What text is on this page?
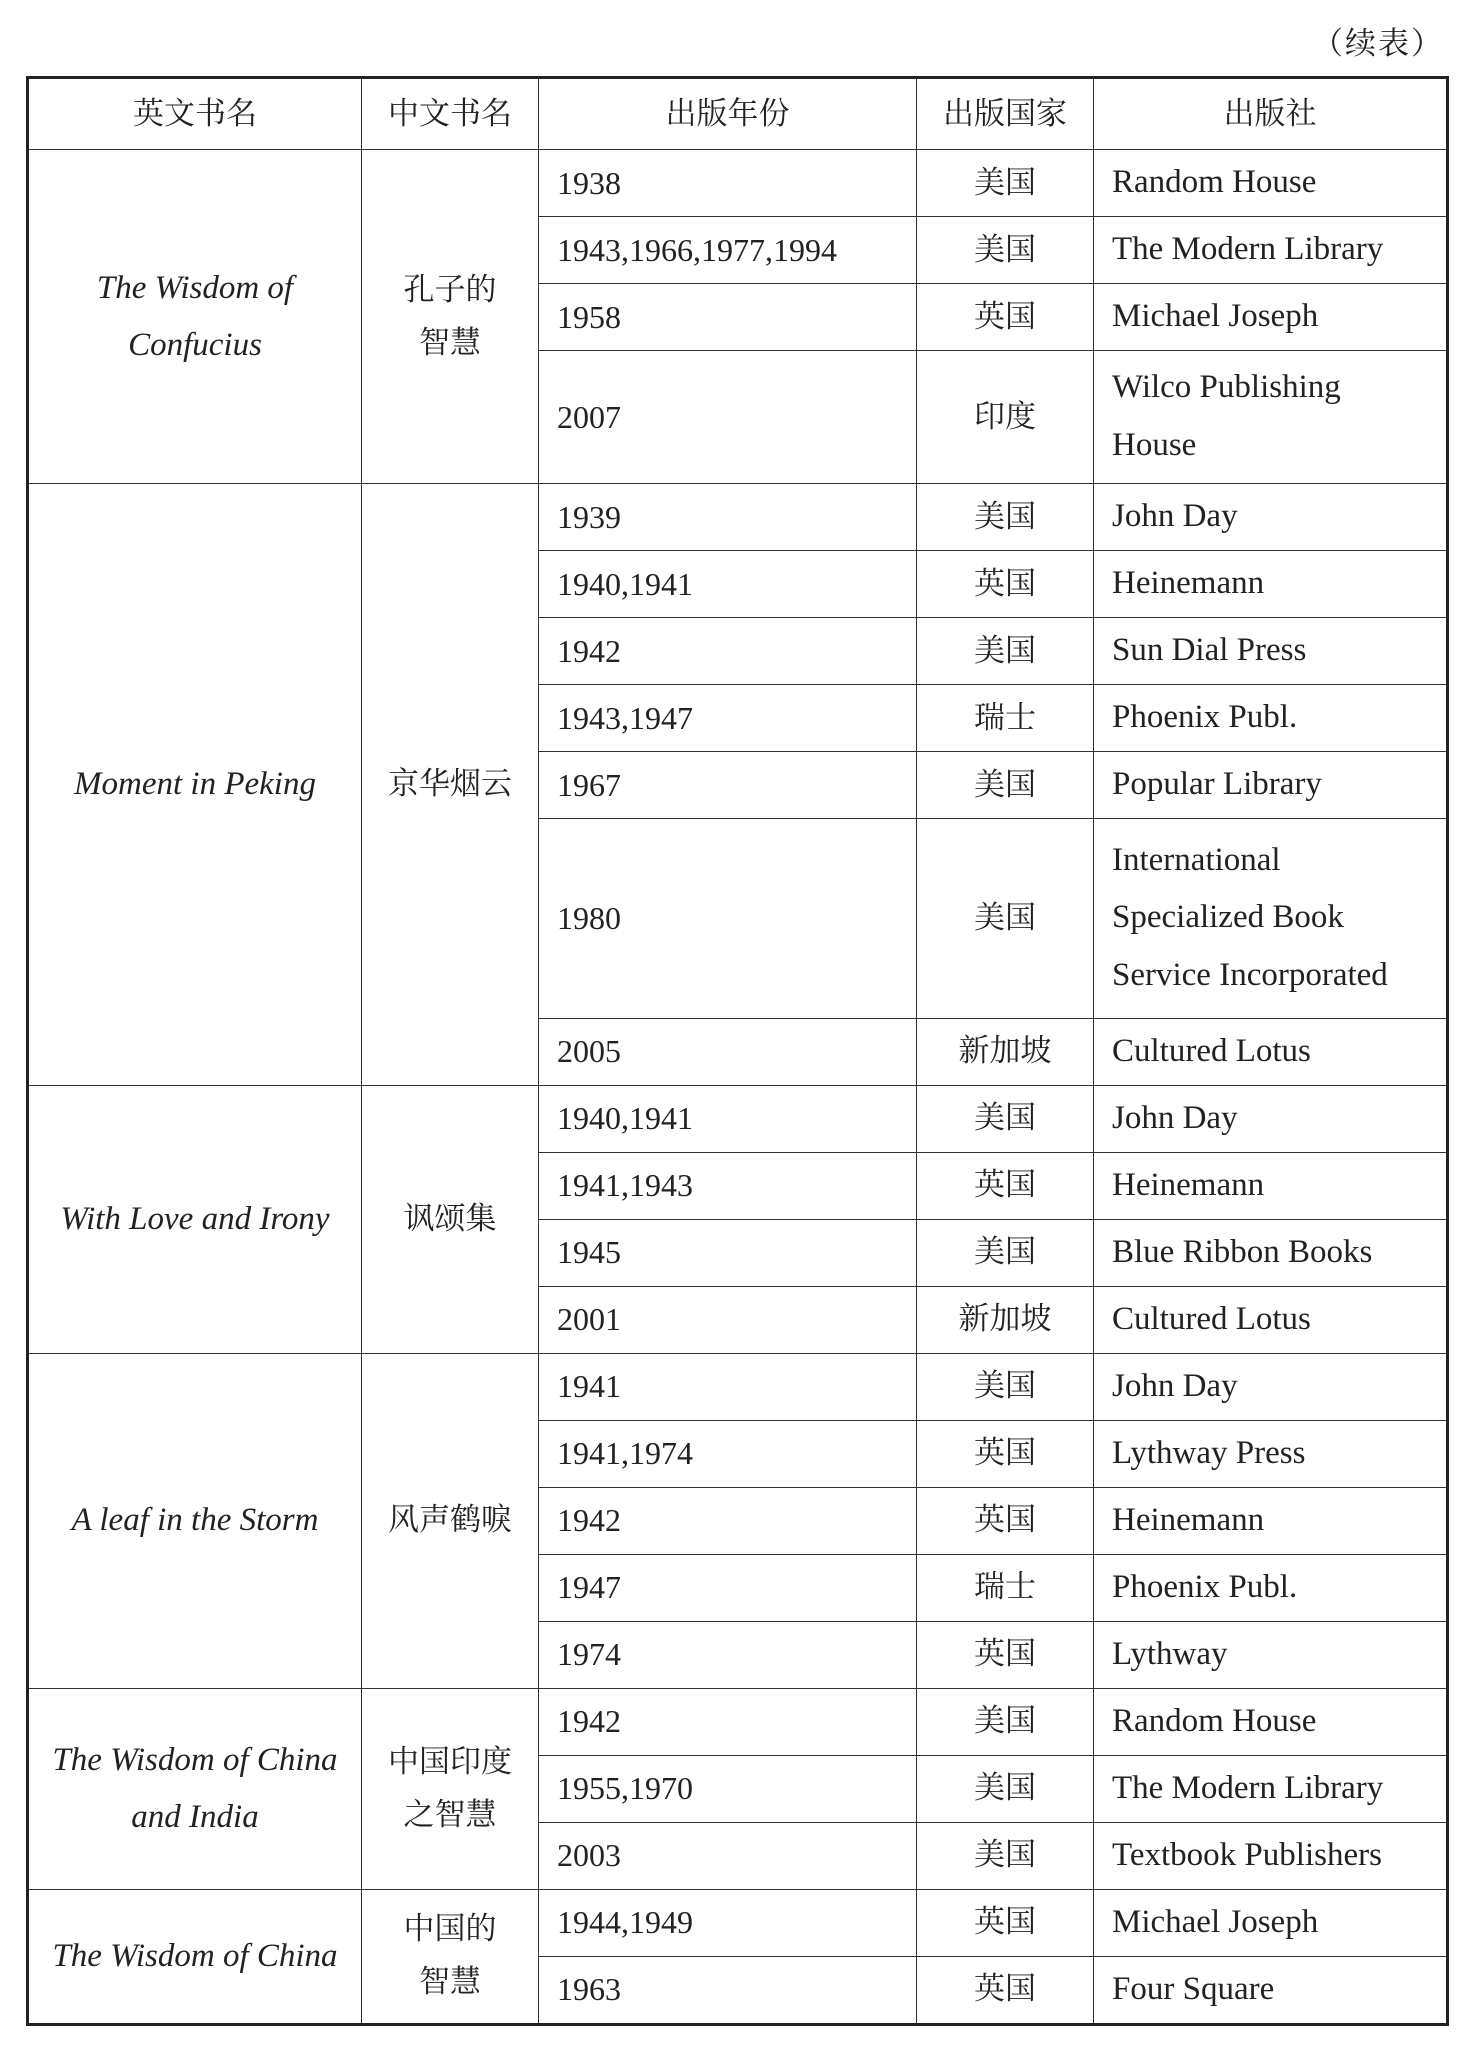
（续表）
英文书名	中文书名	出版年份	出版国家	出版社
The Wisdom of Confucius	孔子的智慧	1938	美国	Random House
		1943,1966,1977,1994	美国	The Modern Library
		1958	英国	Michael Joseph
		2007	印度	Wilco Publishing House
Moment in Peking	京华烟云	1939	美国	John Day
		1940,1941	英国	Heinemann
		1942	美国	Sun Dial Press
		1943,1947	瑞士	Phoenix Publ.
		1967	美国	Popular Library
		1980	美国	International Specialized Book Service Incorporated
		2005	新加坡	Cultured Lotus
With Love and Irony	讽颂集	1940,1941	美国	John Day
		1941,1943	英国	Heinemann
		1945	美国	Blue Ribbon Books
		2001	新加坡	Cultured Lotus
A leaf in the Storm	风声鹤唳	1941	美国	John Day
		1941,1974	英国	Lythway Press
		1942	英国	Heinemann
		1947	瑞士	Phoenix Publ.
		1974	英国	Lythway
The Wisdom of China and India	中国印度之智慧	1942	美国	Random House
		1955,1970	美国	The Modern Library
		2003	美国	Textbook Publishers
The Wisdom of China	中国的智慧	1944,1949	英国	Michael Joseph
		1963	英国	Four Square
